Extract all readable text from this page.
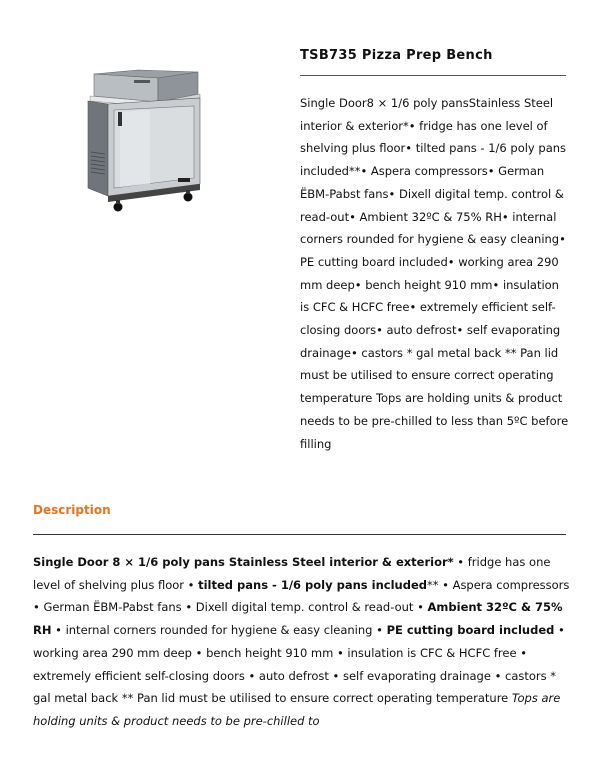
TSB735 Pizza Prep Bench

Single Door8 × 1/6 poly pansStainless Steel interior & exterior*• fridge has one level of shelving plus floor• tilted pans - 1/6 poly pans included**• Aspera compressors• German ËBM-Pabst fans• Dixell digital temp. control & read-out• Ambient 32ºC & 75% RH• internal corners rounded for hygiene & easy cleaning• PE cutting board included• working area 290 mm deep• bench height 910 mm• insulation is CFC & HCFC free• extremely efficient self-closing doors• auto defrost• self evaporating drainage• castors * gal metal back ** Pan lid must be utilised to ensure correct operating temperature Tops are holding units & product needs to be pre-chilled to less than 5ºC before filling

Description

Single Door 8 × 1/6 poly pans Stainless Steel interior & exterior* • fridge has one level of shelving plus floor • tilted pans - 1/6 poly pans included** • Aspera compressors • German ËBM-Pabst fans • Dixell digital temp. control & read-out • Ambient 32ºC & 75% RH • internal corners rounded for hygiene & easy cleaning • PE cutting board included • working area 290 mm deep • bench height 910 mm • insulation is CFC & HCFC free • extremely efficient self-closing doors • auto defrost • self evaporating drainage • castors * gal metal back ** Pan lid must be utilised to ensure correct operating temperature Tops are holding units & product needs to be pre-chilled to
